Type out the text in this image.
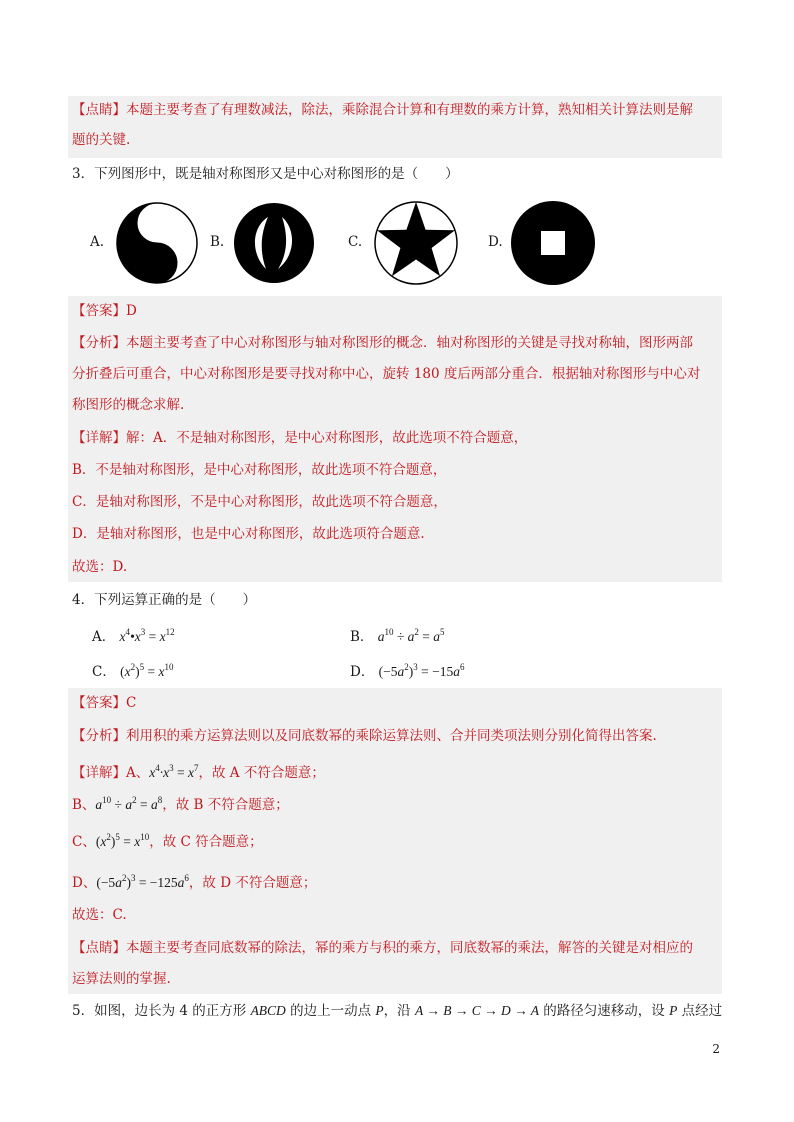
【点睛】本题主要考查了有理数减法，除法，乘除混合计算和有理数的乘方计算，熟知相关计算法则是解
题的关键.
3．下列图形中，既是轴对称图形又是中心对称图形的是（　　）
A.	B.	C.	D.
【答案】D
【分析】本题主要考查了中心对称图形与轴对称图形的概念．轴对称图形的关键是寻找对称轴，图形两部
分折叠后可重合，中心对称图形是要寻找对称中心，旋转 180 度后两部分重合．根据轴对称图形与中心对
称图形的概念求解.
【详解】解：A．不是轴对称图形，是中心对称图形，故此选项不符合题意，
B．不是轴对称图形，是中心对称图形，故此选项不符合题意，
C．是轴对称图形，不是中心对称图形，故此选项不符合题意，
D．是轴对称图形，也是中心对称图形，故此选项符合题意.
故选：D.
4．下列运算正确的是（　　）
A． $x^4•x^3 = x^{12}$	B． $a^{10} \div a^2 = a^5$
C． $(x^2)^5 = x^{10}$	D． $(-5a^2)^3 = -15a^6$
【答案】C
【分析】利用积的乘方运算法则以及同底数幂的乘除运算法则、合并同类项法则分别化简得出答案.
【详解】A、$x^4\cdot x^3 = x^7$，故 A 不符合题意；
B、$a^{10} \div a^2 = a^8$，故 B 不符合题意；
C、$(x^2)^5 = x^{10}$，故 C 符合题意；
D、$(-5a^2)^3 = -125a^6$，故 D 不符合题意；
故选：C.
【点睛】本题主要考查同底数幂的除法，幂的乘方与积的乘方，同底数幂的乘法，解答的关键是对相应的
运算法则的掌握.
5．如图，边长为 4 的正方形 ABCD 的边上一动点 P，沿 A → B → C → D → A 的路径匀速移动，设 P 点经过
2
